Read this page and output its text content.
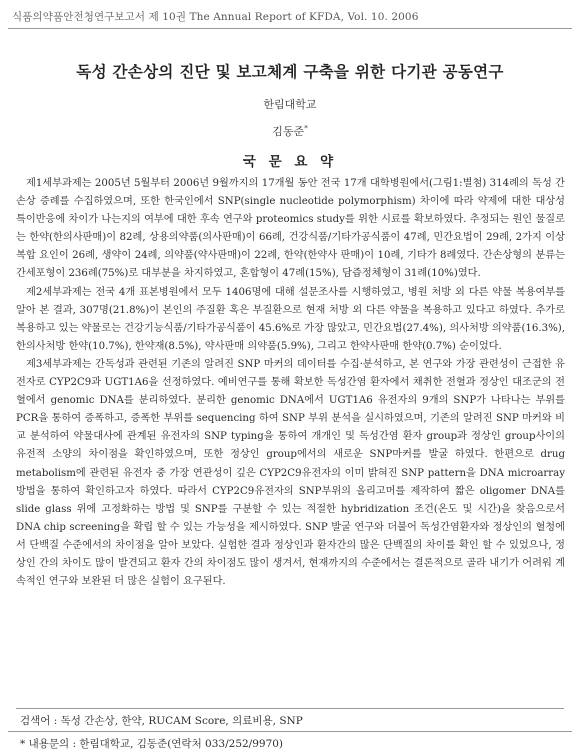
식품의약품안전청연구보고서 제 10권 The Annual Report of KFDA, Vol. 10. 2006
독성 간손상의 진단 및 보고체계 구축을 위한 다기관 공동연구
한림대학교
김동준*
국 문 요 약

제1세부과제는 2005년 5월부터 2006년 9월까지의 17개월 동안 전국 17개 대학병원에서(그림1:별첨) 314례의 독성 간손상 증례를 수집하였으며, 또한 한국인에서 SNP(single nucleotide polymorphism) 차이에 따라 약제에 대한 대상성 특이반응에 차이가 나는지의 여부에 대한 후속 연구와 proteomics study를 위한 시료를 확보하였다. 추정되는 원인 물질로는 한약(한의사판매)이 82례, 상용의약품(의사판매)이 66례, 건강식품/기타가공식품이 47례, 민간요법이 29례, 2가지 이상 복합 요인이 26례, 생약이 24례, 의약품(약사판매)이 22례, 한약(한약사 판매)이 10례, 기타가 8례였다. 간손상형의 분류는 간세포형이 236례(75%)로 대부분을 차지하였고, 혼합형이 47례(15%), 담즙정체형이 31례(10%)였다.

제2세부과제는 전국 4개 표본병원에서 모두 1406명에 대해 설문조사를 시행하였고, 병원 처방 외 다른 약물 복용여부를 알아 본 결과, 307명(21.8%)이 본인의 주질환 혹은 부질환으로 현재 처방 외 다른 약물을 복용하고 있다고 하였다. 추가로 복용하고 있는 약물로는 건강기능식품/기타가공식품이 45.6%로 가장 많았고, 민간요법(27.4%), 의사처방 의약품(16.3%), 한의사처방 한약(10.7%), 한약재(8.5%), 약사판매 의약품(5.9%), 그리고 한약사판매 한약(0.7%) 순이었다.

제3세부과제는 간독성과 관련된 기존의 알려진 SNP 마커의 데이터를 수집·분석하고, 본 연구와 가장 관련성이 근접한 유전자로 CYP2C9과 UGT1A6을 선정하였다. 예비연구를 통해 확보한 독성간염 환자에서 채취한 전혈과 정상인 대조군의 전혈에서 genomic DNA를 분리하였다. 분리한 genomic DNA에서 UGT1A6 유전자의 9개의 SNP가 나타나는 부위를 PCR을 통하여 증폭하고, 증폭한 부위를 sequencing 하여 SNP 부위 분석을 실시하였으며, 기존의 알려진 SNP 마커와 비교 분석하여 약물대사에 관계된 유전자의 SNP typing을 통하여 개개인 및 독성간염 환자 group과 정상인 group사이의 유전적 소양의 차이점을 확인하였으며, 또한 정상인 group에서의 새로운 SNP마커를 발굴 하였다. 한편으로 drug metabolism에 관련된 유전자 중 가장 연관성이 깊은 CYP2C9유전자의 이미 밝혀진 SNP pattern을 DNA microarray방법을 통하여 확인하고자 하였다. 따라서 CYP2C9유전자의 SNP부위의 올리고머를 제작하여 짧은 oligomer DNA를 slide glass 위에 고정화하는 방법 및 SNP를 구분할 수 있는 적절한 hybridization 조건(온도 및 시간)을 찾음으로서 DNA chip screening을 확립 할 수 있는 가능성을 제시하였다. SNP 발굴 연구와 더불어 독성간염환자와 정상인의 혈청에서 단백질 수준에서의 차이점을 알아 보았다. 실험한 결과 정상인과 환자간의 많은 단백질의 차이를 확인 할 수 있었으나, 정상인 간의 차이도 많이 발견되고 환자 간의 차이점도 많이 생겨서, 현재까지의 수준에서는 결론적으로 골라 내기가 어려워 계속적인 연구와 보완된 더 많은 실험이 요구된다.

검색어 : 독성 간손상, 한약, RUCAM Score, 의료비용, SNP
* 내용문의 : 한림대학교, 김동준(연락처 033/252/9970)
